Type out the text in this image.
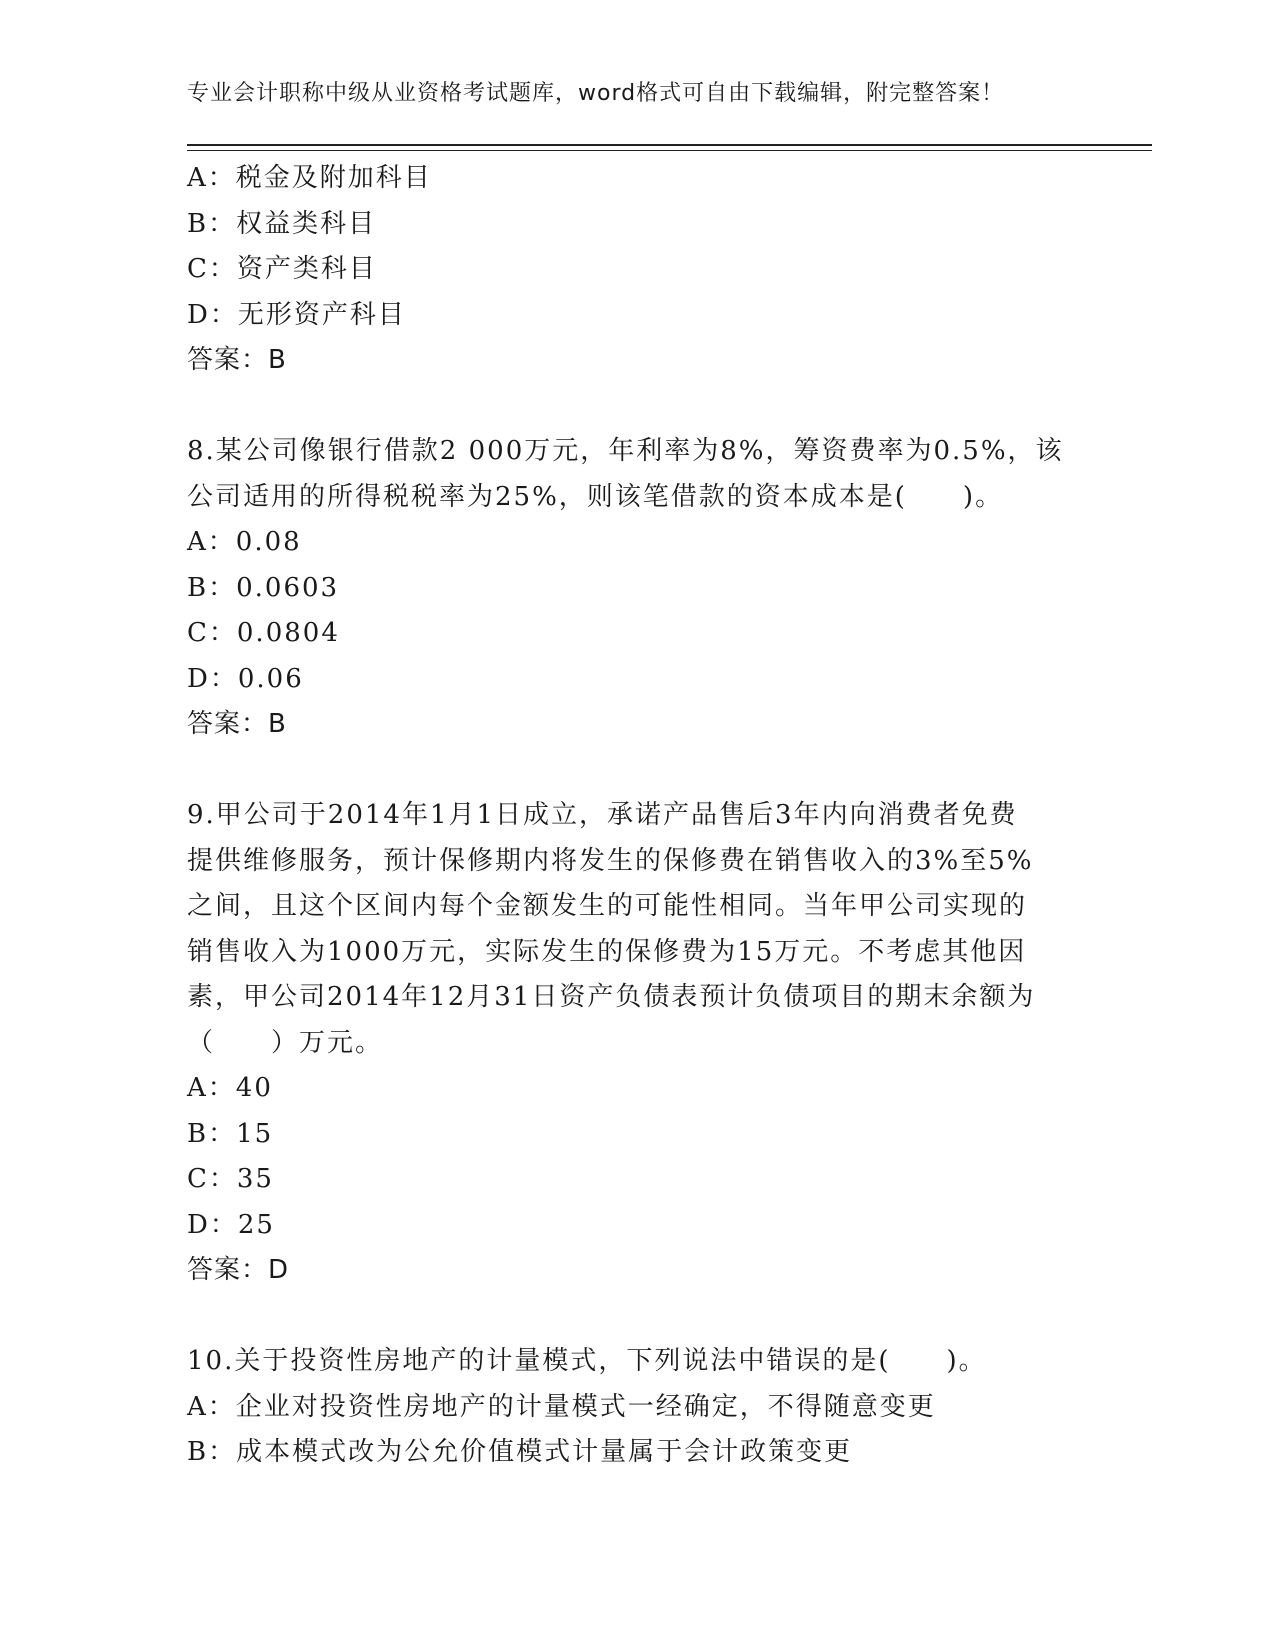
专业会计职称中级从业资格考试题库，word格式可自由下载编辑，附完整答案！
A：税金及附加科目
B：权益类科目
C：资产类科目
D：无形资产科目
答案：B
8.某公司像银行借款2 000万元，年利率为8%，筹资费率为0.5%，该
公司适用的所得税税率为25%，则该笔借款的资本成本是(　　)。
A：0.08
B：0.0603
C：0.0804
D：0.06
答案：B
9.甲公司于2014年1月1日成立，承诺产品售后3年内向消费者免费
提供维修服务，预计保修期内将发生的保修费在销售收入的3%至5%
之间，且这个区间内每个金额发生的可能性相同。当年甲公司实现的
销售收入为1000万元，实际发生的保修费为15万元。不考虑其他因
素，甲公司2014年12月31日资产负债表预计负债项目的期末余额为
（　　）万元。
A：40
B：15
C：35
D：25
答案：D
10.关于投资性房地产的计量模式，下列说法中错误的是(　　)。
A：企业对投资性房地产的计量模式一经确定，不得随意变更
B：成本模式改为公允价值模式计量属于会计政策变更
